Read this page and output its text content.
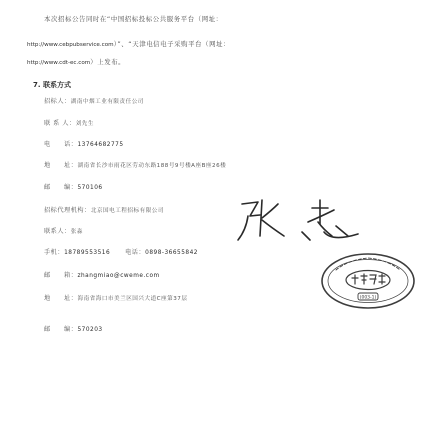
本次招标公告同时在“中国招标投标公共服务平台（网址：
http://www.cebpubservice.com）”、“天津电信电子采购平台（网址：
http://www.cdt-ec.com）上发布。
7. 联系方式
招标人：湖南中烟工业有限责任公司
联 系 人：刘先生
电　　话：13764682775
地　　址：湖南省长沙市雨花区劳动东路188号9号楼A座B座26楼
邮　　编：570106
招标代理机构：北京国电工程招标有限公司
联系人：张淼
手机：18789553516 电话：0898-36655842
邮　　箱：zhangmiao@cweme.com
地　　址：海南省海口市美兰区国兴大道C座第37层
邮　　编：570203
(003-1)
